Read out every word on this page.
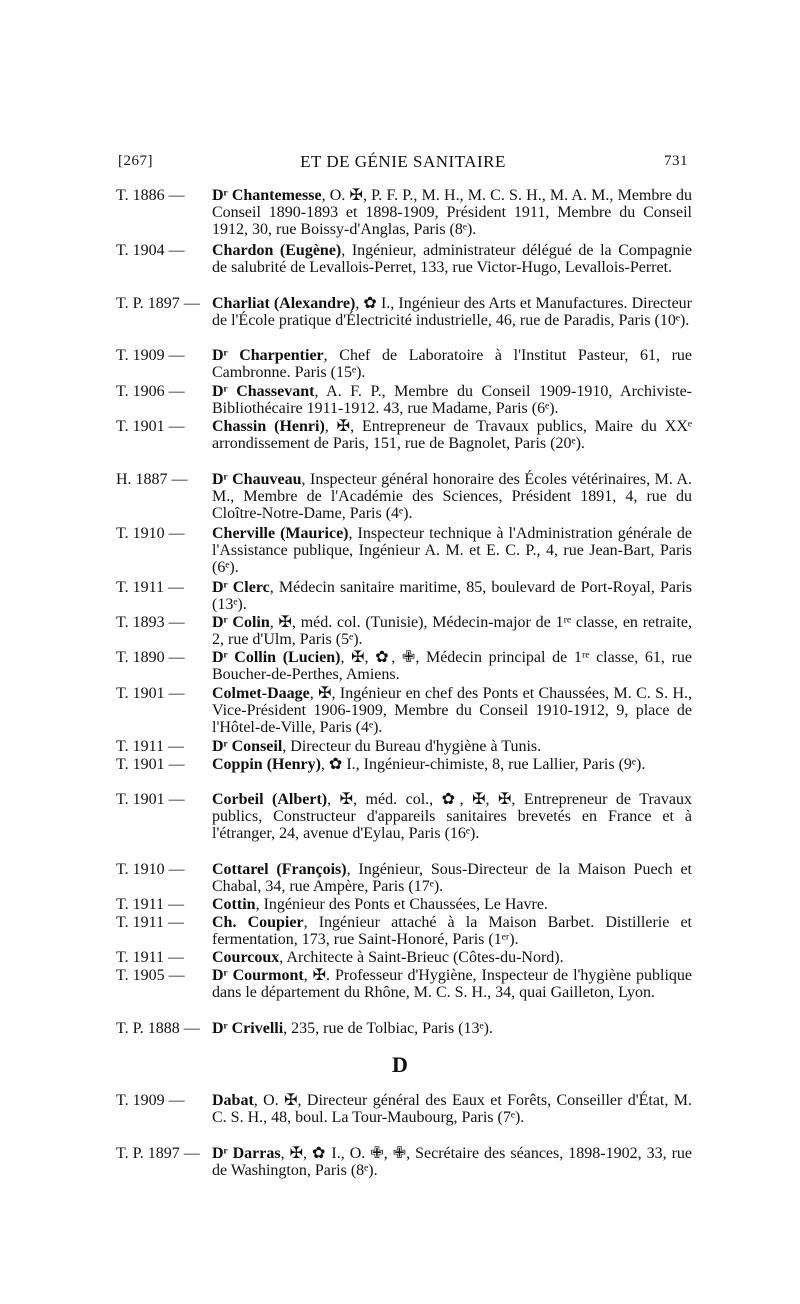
[267]	ET DE GÉNIE SANITAIRE	731
T. 1886 — Dʳ Chantemesse, O. ✠, P. F. P., M. H., M. C. S. H., M. A. M., Membre du Conseil 1890-1893 et 1898-1909, Président 1911, Membre du Conseil 1912, 30, rue Boissy-d'Anglas, Paris (8ᵉ).
T. 1904 — Chardon (Eugène), Ingénieur, administrateur délégué de la Compagnie de salubrité de Levallois-Perret, 133, rue Victor-Hugo, Levallois-Perret.
T. P. 1897 — Charliat (Alexandre), ✿ I., Ingénieur des Arts et Manufactures. Directeur de l'École pratique d'Électricité industrielle, 46, rue de Paradis, Paris (10ᵉ).
T. 1909 — Dʳ Charpentier, Chef de Laboratoire à l'Institut Pasteur, 61, rue Cambronne. Paris (15ᵉ).
T. 1906 — Dʳ Chassevant, A. F. P., Membre du Conseil 1909-1910, Archiviste-Bibliothécaire 1911-1912. 43, rue Madame, Paris (6ᵉ).
T. 1901 — Chassin (Henri), ✠, Entrepreneur de Travaux publics, Maire du XXᵉ arrondissement de Paris, 151, rue de Bagnolet, Paris (20ᵉ).
H. 1887 — Dʳ Chauveau, Inspecteur général honoraire des Écoles vétérinaires, M. A. M., Membre de l'Académie des Sciences, Président 1891, 4, rue du Cloître-Notre-Dame, Paris (4ᵉ).
T. 1910 — Cherville (Maurice), Inspecteur technique à l'Administration générale de l'Assistance publique, Ingénieur A. M. et E. C. P., 4, rue Jean-Bart, Paris (6ᵉ).
T. 1911 — Dʳ Clerc, Médecin sanitaire maritime, 85, boulevard de Port-Royal, Paris (13ᵉ).
T. 1893 — Dʳ Colin, ✠, méd. col. (Tunisie), Médecin-major de 1ʳᵉ classe, en retraite, 2, rue d'Ulm, Paris (5ᵉ).
T. 1890 — Dʳ Collin (Lucien), ✠, ✿, ✙, Médecin principal de 1ʳᵉ classe, 61, rue Boucher-de-Perthes, Amiens.
T. 1901 — Colmet-Daage, ✠, Ingénieur en chef des Ponts et Chaussées, M. C. S. H., Vice-Président 1906-1909, Membre du Conseil 1910-1912, 9, place de l'Hôtel-de-Ville, Paris (4ᵉ).
T. 1911 — Dʳ Conseil, Directeur du Bureau d'hygiène à Tunis.
T. 1901 — Coppin (Henry), ✿ I., Ingénieur-chimiste, 8, rue Lallier, Paris (9ᵉ).
T. 1901 — Corbeil (Albert), ✠, méd. col., ✿, ✠, ✠, Entrepreneur de Travaux publics, Constructeur d'appareils sanitaires brevetés en France et à l'étranger, 24, avenue d'Eylau, Paris (16ᵉ).
T. 1910 — Cottarel (François), Ingénieur, Sous-Directeur de la Maison Puech et Chabal, 34, rue Ampère, Paris (17ᵉ).
T. 1911 — Cottin, Ingénieur des Ponts et Chaussées, Le Havre.
T. 1911 — Ch. Coupier, Ingénieur attaché à la Maison Barbet. Distillerie et fermentation, 173, rue Saint-Honoré, Paris (1ᵉʳ).
T. 1911 — Courcoux, Architecte à Saint-Brieuc (Côtes-du-Nord).
T. 1905 — Dʳ Courmont, ✠. Professeur d'Hygiène, Inspecteur de l'hygiène publique dans le département du Rhône, M. C. S. H., 34, quai Gailleton, Lyon.
T. P. 1888 — Dʳ Crivelli, 235, rue de Tolbiac, Paris (13ᵉ).
D
T. 1909 — Dabat, O. ✠, Directeur général des Eaux et Forêts, Conseiller d'État, M. C. S. H., 48, boul. La Tour-Maubourg, Paris (7ᵉ).
T. P. 1897 — Dʳ Darras, ✠, ✿ I., O. ✙, ✙, Secrétaire des séances, 1898-1902, 33, rue de Washington, Paris (8ᵉ).
